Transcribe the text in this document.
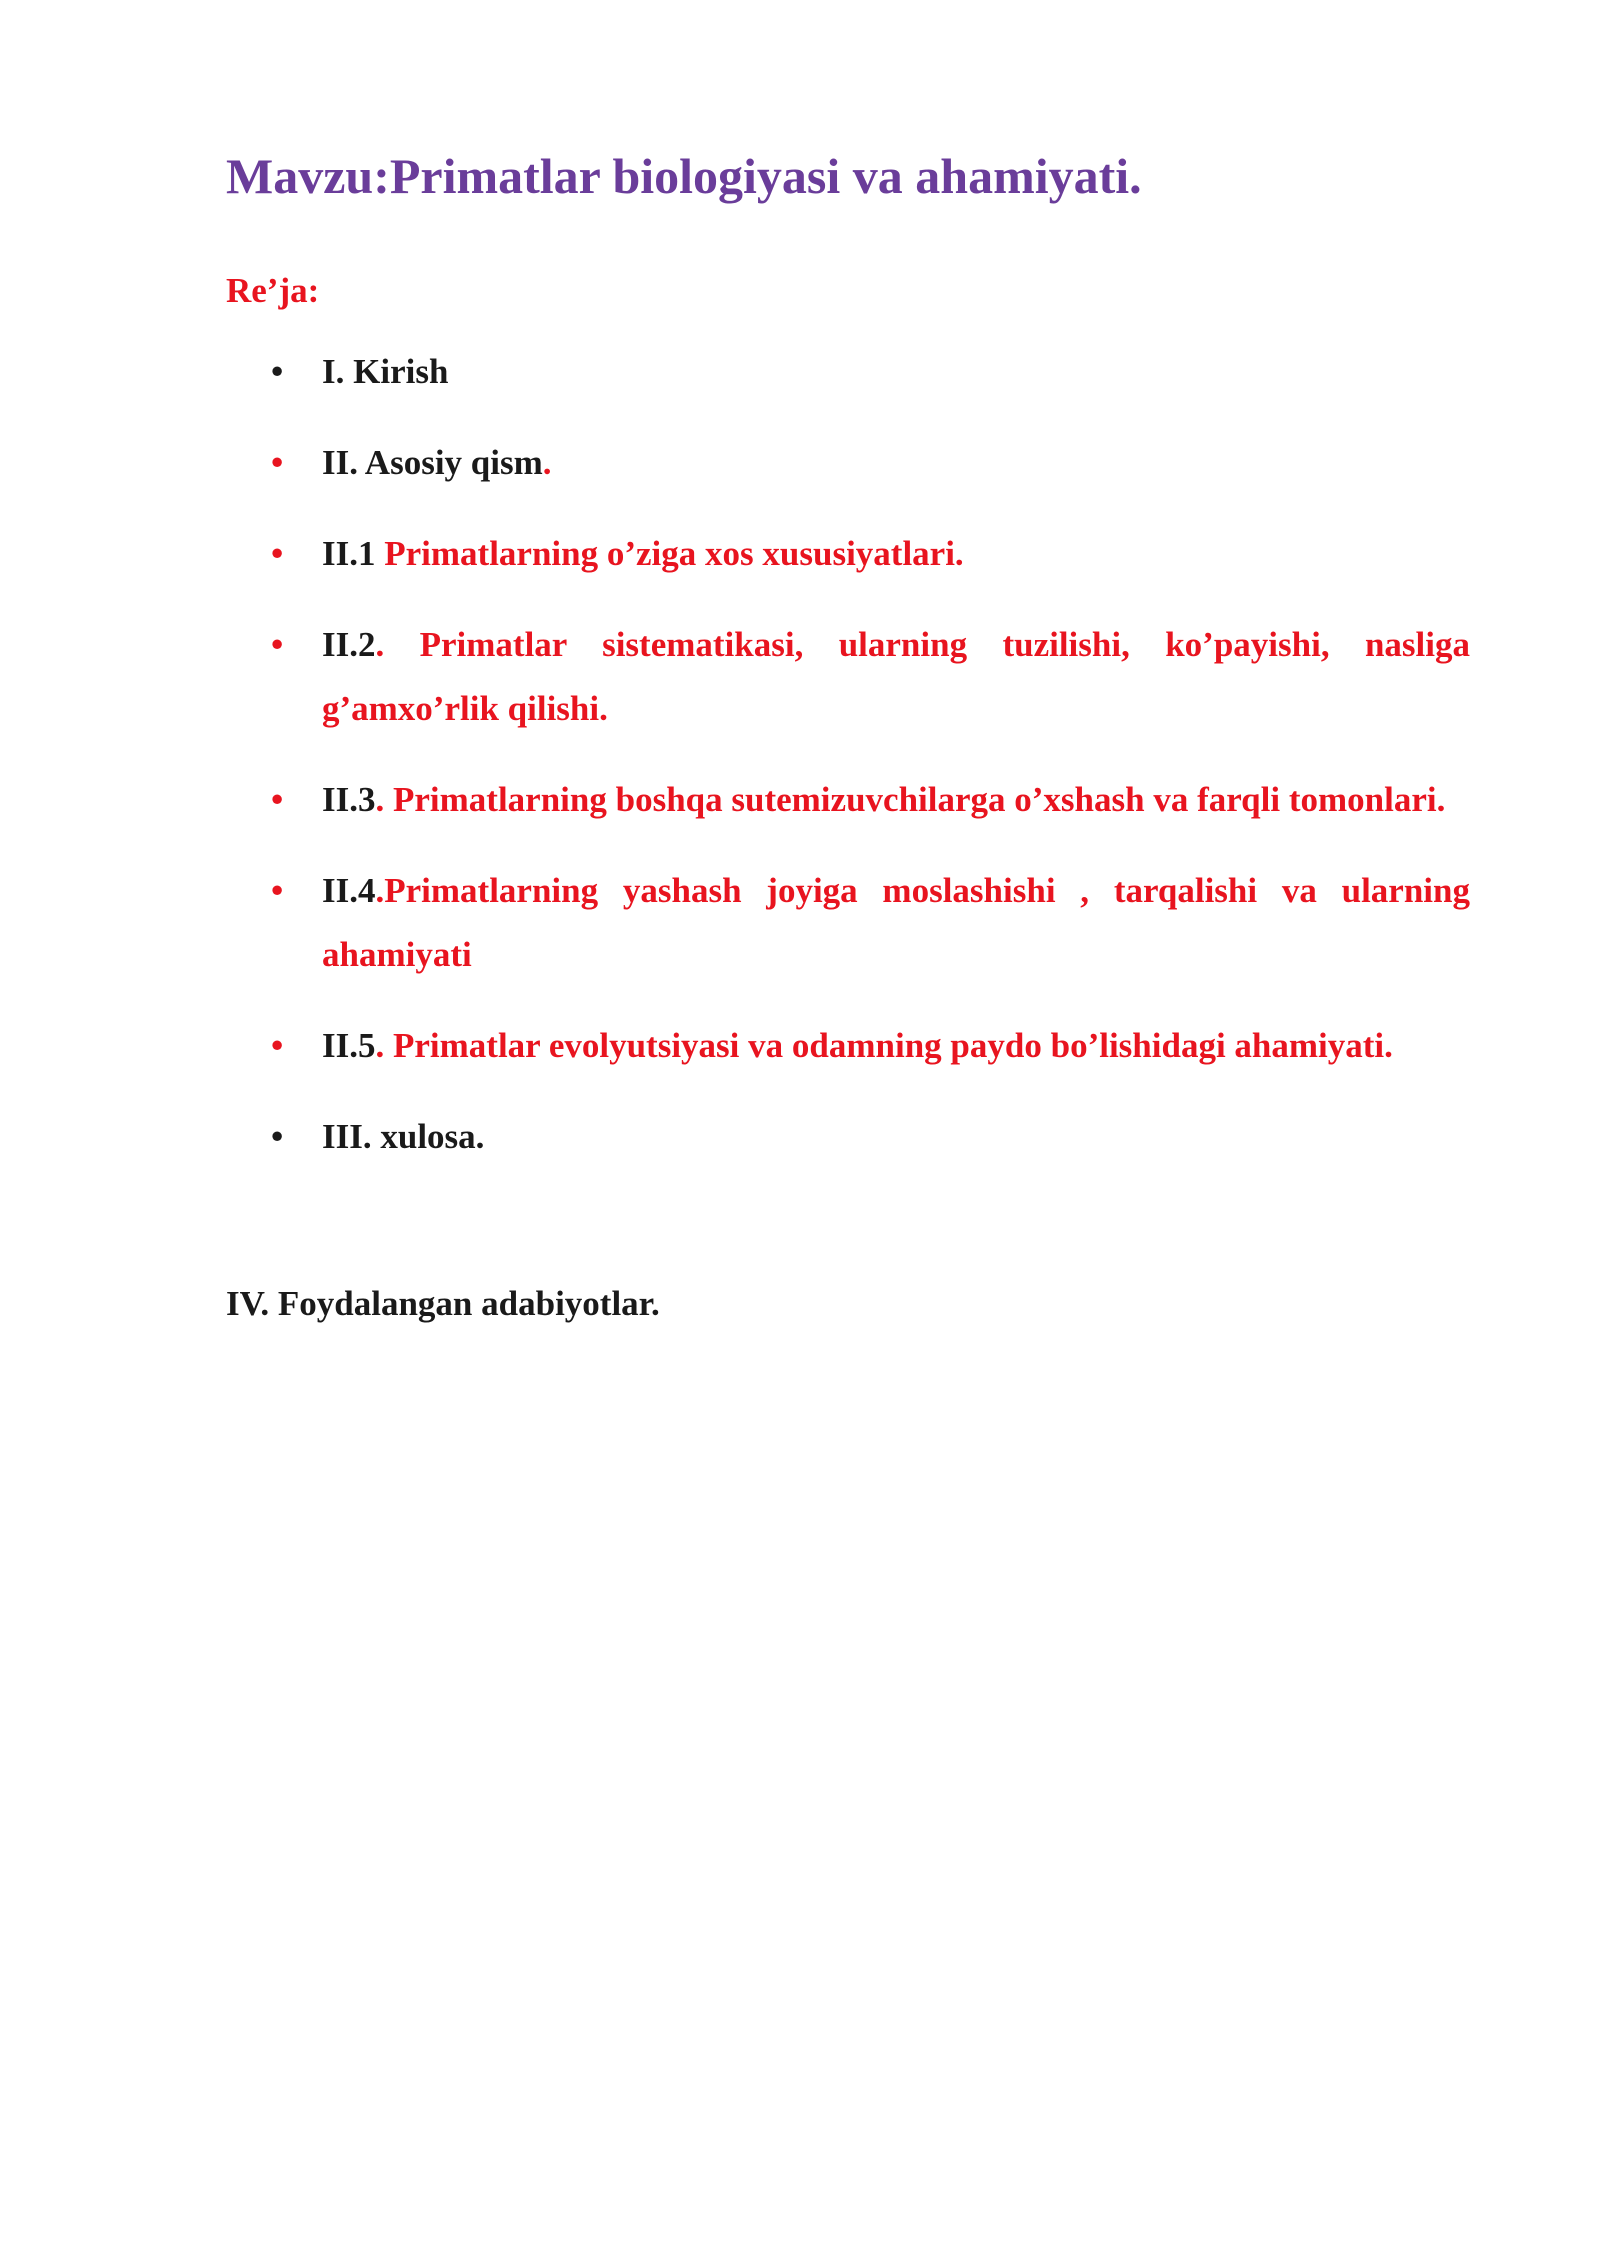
Mavzu:Primatlar biologiyasi va ahamiyati.

Re’ja:

• I. Kirish
• II. Asosiy qism.
• II.1 Primatlarning o’ziga xos xususiyatlari.
• II.2. Primatlar sistematikasi, ularning tuzilishi, ko’payishi, nasliga g’amxo’rlik qilishi.
• II.3. Primatlarning boshqa sutemizuvchilarga o’xshash va farqli tomonlari.
• II.4.Primatlarning yashash joyiga moslashishi , tarqalishi va ularning ahamiyati
• II.5. Primatlar evolyutsiyasi va odamning paydo bo’lishidagi ahamiyati.
• III. xulosa.

IV. Foydalangan adabiyotlar.
